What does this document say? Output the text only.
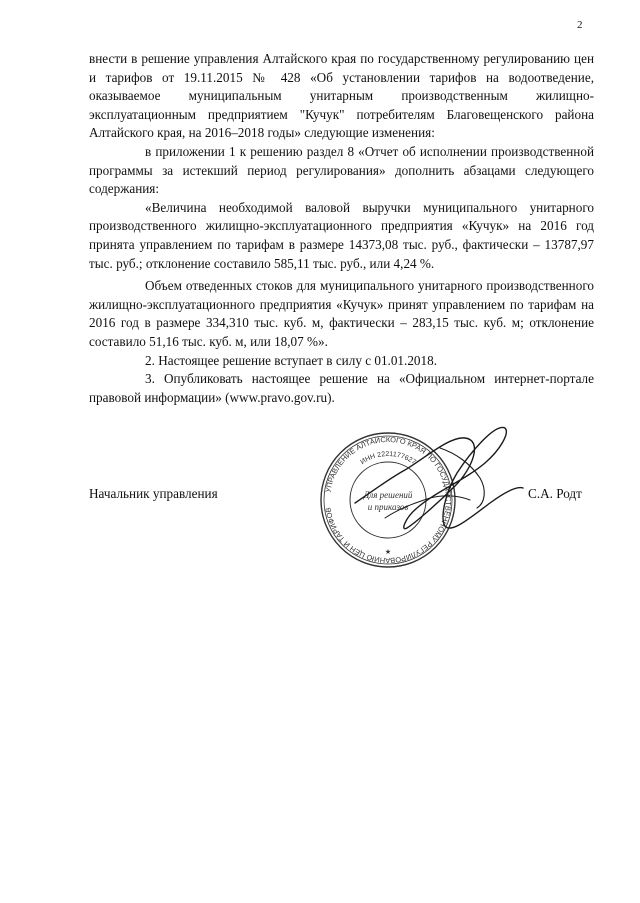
2

внести в решение управления Алтайского края по государственному регулированию цен и тарифов от 19.11.2015 № 428 «Об установлении тарифов на водоотведение, оказываемое муниципальным унитарным производственным жилищно-эксплуатационным предприятием "Кучук" потребителям Благовещенского района Алтайского края, на 2016–2018 годы» следующие изменения:

в приложении 1 к решению раздел 8 «Отчет об исполнении производственной программы за истекший период регулирования» дополнить абзацами следующего содержания:

«Величина необходимой валовой выручки муниципального унитарного производственного жилищно-эксплуатационного предприятия «Кучук» на 2016 год принята управлением по тарифам в размере 14373,08 тыс. руб., фактически – 13787,97 тыс. руб.; отклонение составило 585,11 тыс. руб., или 4,24 %.

Объем отведенных стоков для муниципального унитарного производственного жилищно-эксплуатационного предприятия «Кучук» принят управлением по тарифам на 2016 год в размере 334,310 тыс. куб. м, фактически – 283,15 тыс. куб. м; отклонение составило 51,16 тыс. куб. м, или 18,07 %».

2. Настоящее решение вступает в силу с 01.01.2018.

3. Опубликовать настоящее решение на «Официальном интернет-портале правовой информации» (www.pravo.gov.ru).

Начальник управления	С.А. Родт
УПРАВЛЕНИЕ АЛТАЙСКОГО КРАЯ ПО ГОСУДАРСТВЕННОМУ РЕГУЛИРОВАНИЮ ЦЕН И ТАРИФОВ
ИНН 2221177627
Для решений
и приказов
★
